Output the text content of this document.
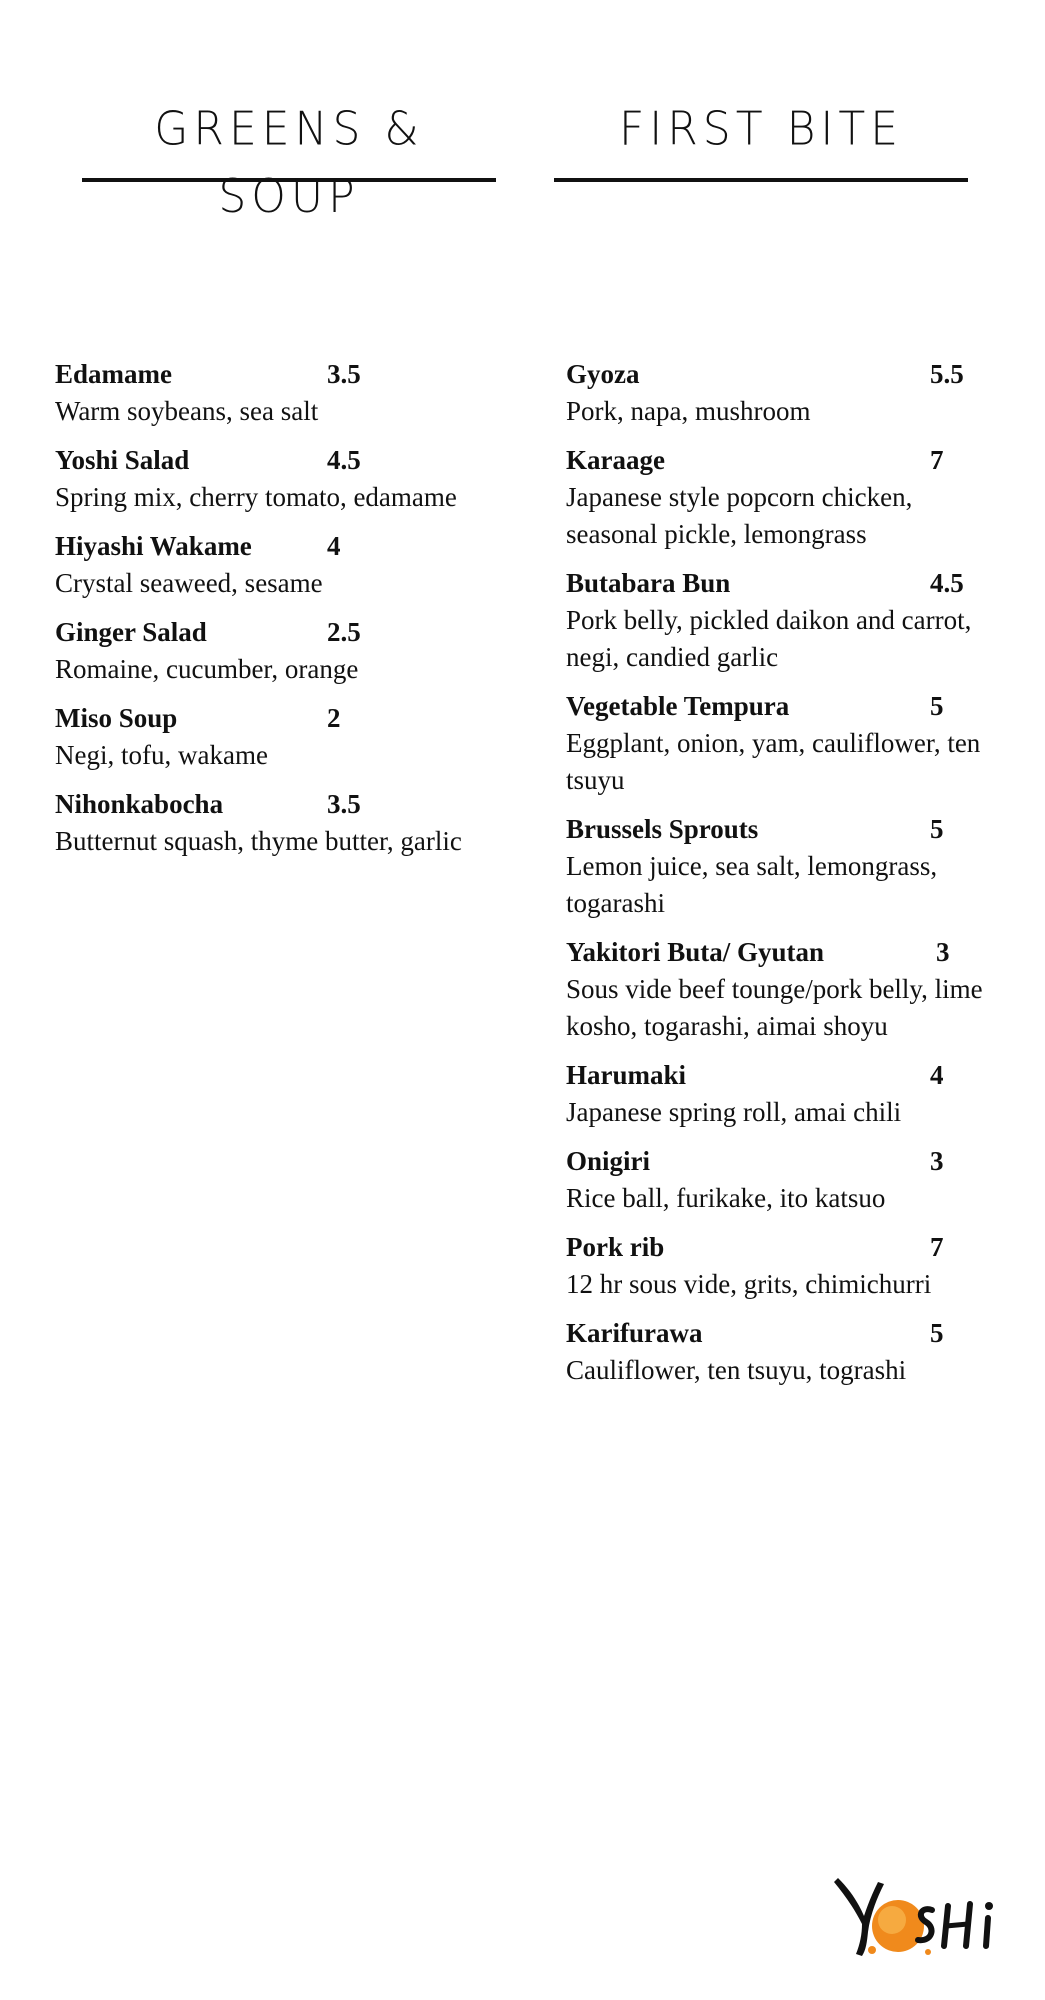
GREENS & SOUP
FIRST BITE
Edamame	3.5
Warm soybeans, sea salt
Yoshi Salad	4.5
Spring mix, cherry tomato, edamame
Hiyashi Wakame	4
Crystal seaweed, sesame
Ginger Salad	2.5
Romaine, cucumber, orange
Miso Soup	2
Negi, tofu, wakame
Nihonkabocha	3.5
Butternut squash, thyme butter, garlic
Gyoza	5.5
Pork, napa, mushroom
Karaage	7
Japanese style popcorn chicken, seasonal pickle, lemongrass
Butabara Bun	4.5
Pork belly, pickled daikon and carrot, negi, candied garlic
Vegetable Tempura	5
Eggplant, onion, yam, cauliflower, ten tsuyu
Brussels Sprouts	5
Lemon juice, sea salt, lemongrass, togarashi
Yakitori Buta/ Gyutan	3
Sous vide beef tounge/pork belly, lime kosho, togarashi, aimai shoyu
Harumaki	4
Japanese spring roll, amai chili
Onigiri	3
Rice ball, furikake, ito katsuo
Pork rib	7
12 hr sous vide, grits, chimichurri
Karifurawa	5
Cauliflower, ten tsuyu, tograshi
